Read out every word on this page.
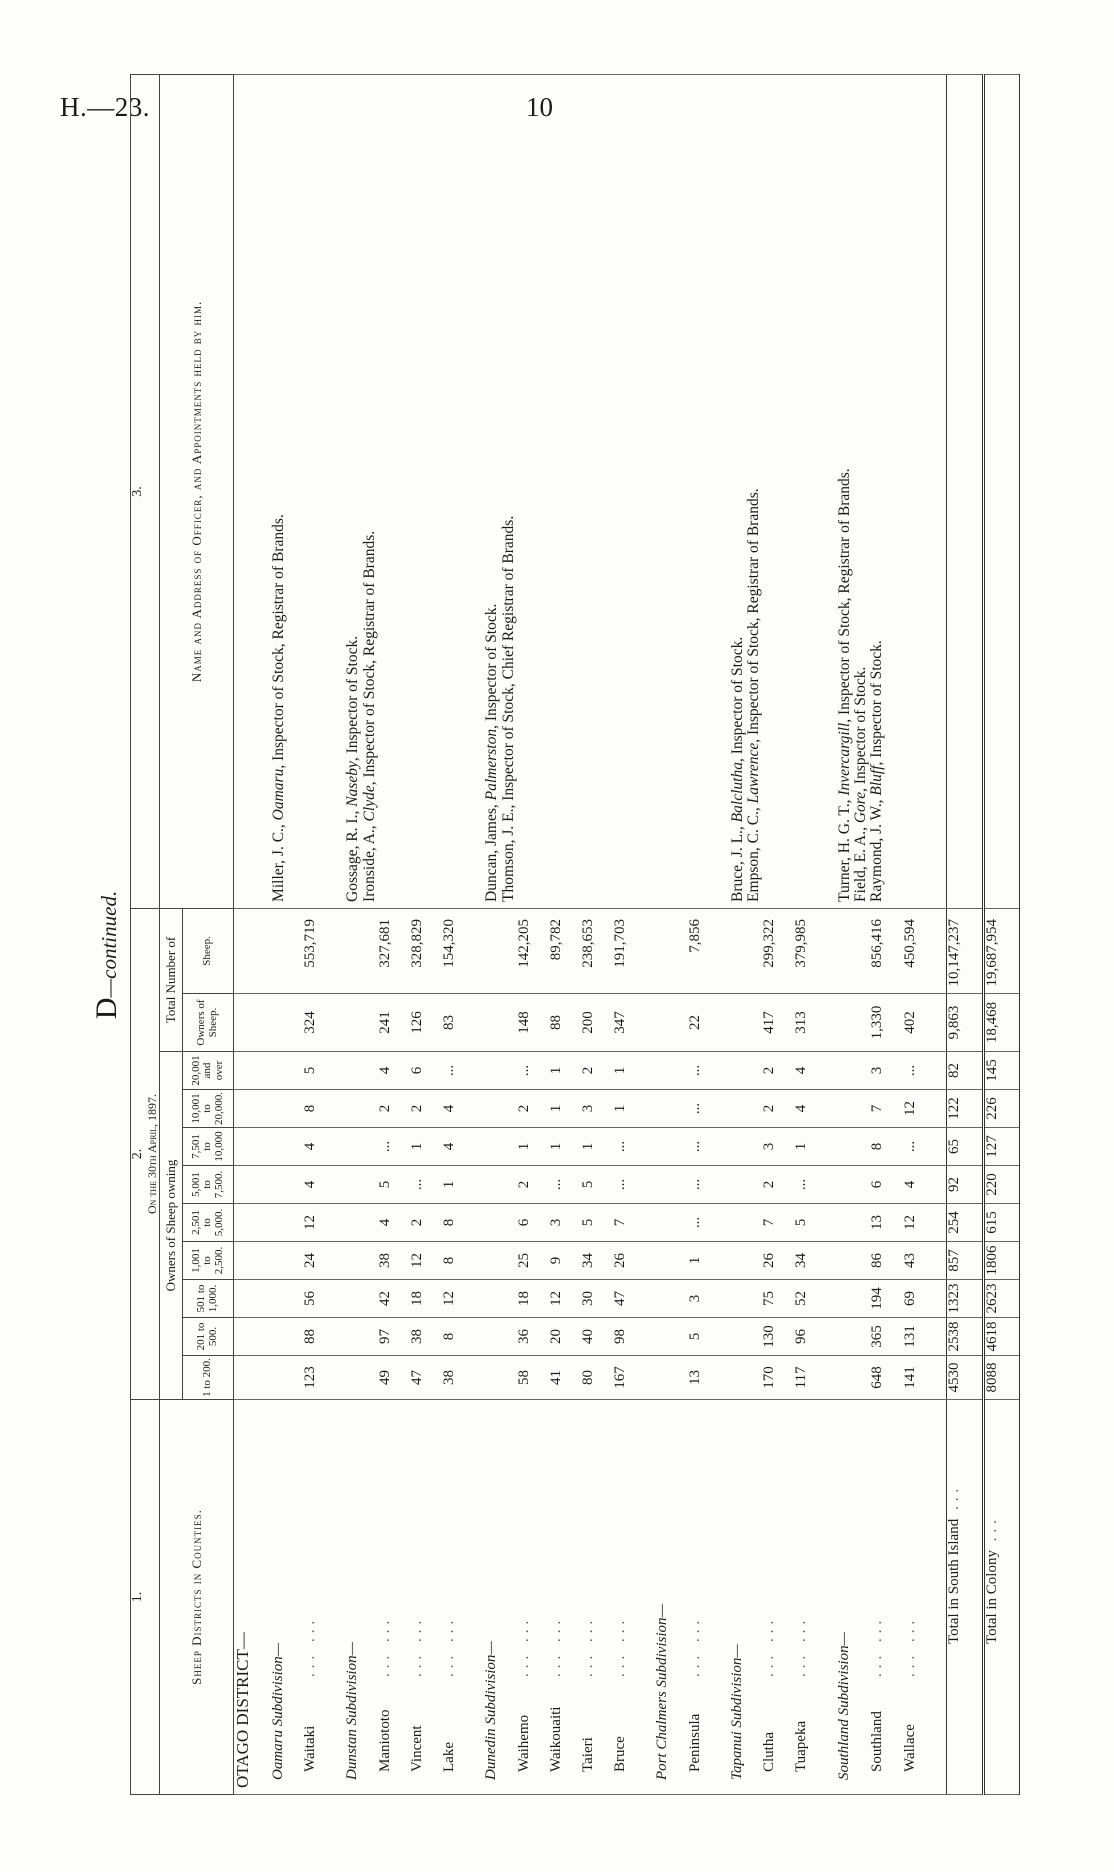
H.—23.	10
D—continued.
1.	2. On the 30th April, 1897.											3.
Sheep Districts in Counties.	Owners of Sheep owning									Total Number of		Name and Address of Officer, and Appointments held by him.
	1 to 200.	201 to 500.	501 to 1,000.	1,001 to 2,500.	2,501 to 5,000.	5,001 to 7,500.	7,501 to 10,000	10,001 to 20,000.	20,001 and over	Owners of Sheep.	Sheep.	
OTAGO DISTRICT—												
Oamaru Subdivision—												Miller, J. C., Oamaru, Inspector of Stock, Registrar of Brands.

Waitaki... ...	123	88	56	24	12	4	4	8	5	324	553,719	

Dunstan Subdivision—												Gossage, R. I., Naseby, Inspector of Stock.
Ironside, A., Clyde, Inspector of Stock, Registrar of Brands.

Maniototo... ...	49	97	42	38	4	5	...	2	4	241	327,681	
Vincent... ...	47	38	18	12	2	...	1	2	6	126	328,829	
Lake... ...	38	8	12	8	8	1	4	4	...	83	154,320	

Dunedin Subdivision—												Duncan, James, Palmerston, Inspector of Stock. Thomson, J. E., Inspector of Stock, Chief Registrar of Brands.

Waihemo... ...	58	36	18	25	6	2	1	2	...	148	142,205	
Waikouaiti... ...	41	20	12	9	3	...	1	1	1	88	89,782	
Taieri... ...	80	40	30	34	5	5	1	3	2	200	238,653	
Bruce... ...	167	98	47	26	7	...	...	1	1	347	191,703	

Port Chalmers Subdivision—												
Peninsula... ...	13	5	3	1	...	...	...	...	...	22	7,856	

Tapanui Subdivision—												Bruce, J. L., Balclutha, Inspector of Stock.
Empson, C. C., Lawrence, Inspector of Stock, Registrar of Brands.

Clutha... ...	170	130	75	26	7	2	3	2	2	417	299,322	
Tuapeka... ...	117	96	52	34	5	...	1	4	4	313	379,985	

Southland Subdivision—												Turner, H. G. T., Invercargill, Inspector of Stock, Registrar of Brands.
Field, E. A., Gore, Inspector of Stock.
Raymond, J. W., Bluff, Inspector of Stock.

Southland... ...	648	365	194	86	13	6	8	7	3	1,330	856,416	
Wallace... ...	141	131	69	43	12	4	...	12	...	402	450,594	

Total in South Island ...	4530	2538	1323	857	254	92	65	122	82	9,863	10,147,237	
Total in Colony ...	8088	4618	2623	1806	615	220	127	226	145	18,468	19,687,954	
